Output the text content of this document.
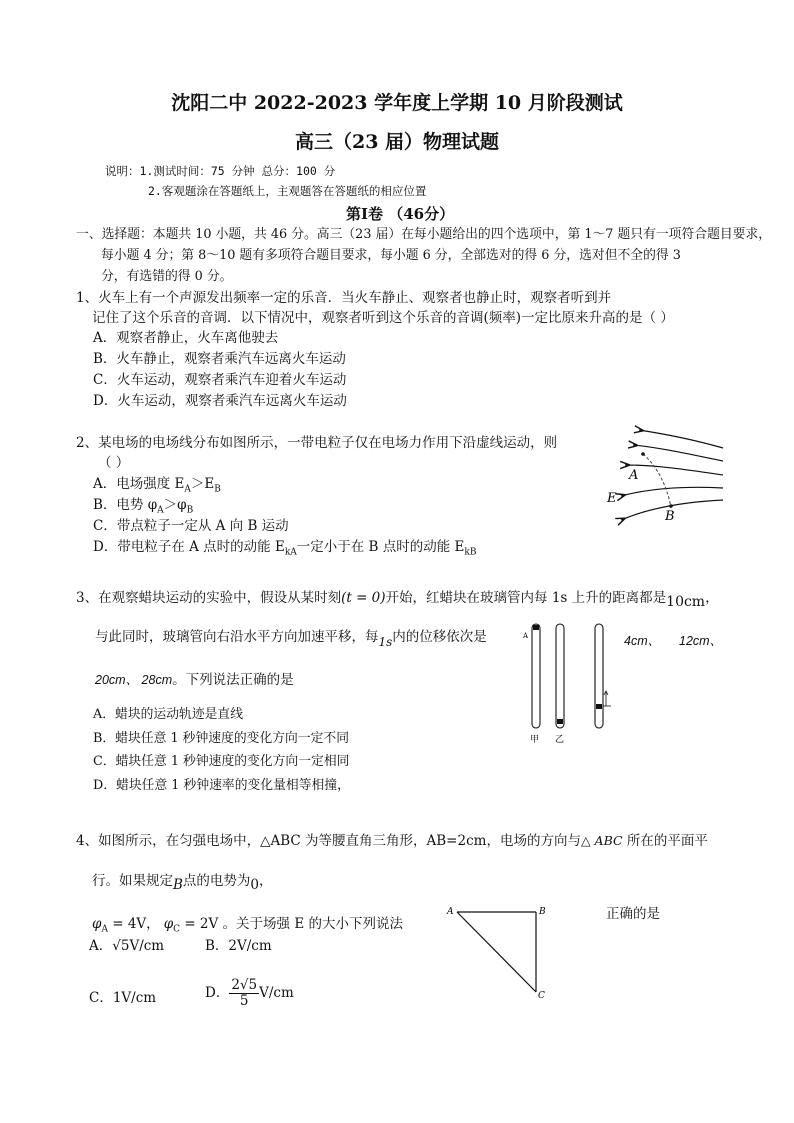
沈阳二中 2022-2023 学年度上学期 10 月阶段测试
高三（23 届）物理试题
说明：1.测试时间：75 分钟 总分：100 分
2.客观题涂在答题纸上，主观题答在答题纸的相应位置
第Ⅰ卷 （46分）
一、选择题：本题共 10 小题，共 46 分。高三（23 届）在每小题给出的四个选项中，第 1～7 题只有一项符合题目要求，
每小题 4 分；第 8～10 题有多项符合题目要求，每小题 6 分，全部选对的得 6 分，选对但不全的得 3
分，有选错的得 0 分。
1、火车上有一个声源发出频率一定的乐音．当火车静止、观察者也静止时，观察者听到并
记住了这个乐音的音调．以下情况中，观察者听到这个乐音的音调(频率)一定比原来升高的是（ ）
A．观察者静止，火车离他驶去
B．火车静止，观察者乘汽车远离火车运动
C．火车运动，观察者乘汽车迎着火车运动
D．火车运动，观察者乘汽车远离火车运动
2、某电场的电场线分布如图所示，一带电粒子仅在电场力作用下沿虚线运动，则
（ ）
A．电场强度 $E_A>E_B$
B．电势 $\varphi_A>\varphi_B$
C．带点粒子一定从 A 向 B 运动
D．带电粒子在 A 点时的动能 $E_{kA}$一定小于在 B 点时的动能 $E_{kB}$
A
E
B
3、在观察蜡块运动的实验中，假设从某时刻(t = 0)开始，红蜡块在玻璃管内每 1s 上升的距离都是10cm，
与此同时，玻璃管向右沿水平方向加速平移，每1s内的位移依次是	4cm、 12cm、
20cm、 28cm。下列说法正确的是
A．蜡块的运动轨迹是直线
B．蜡块任意 1 秒钟速度的变化方向一定不同
C．蜡块任意 1 秒钟速度的变化方向一定相同
D．蜡块任意 1 秒钟速率的变化量相等相撞，
A
甲 乙
4、如图所示，在匀强电场中，△ABC 为等腰直角三角形，AB=2cm，电场的方向与△ ABC 所在的平面平
行。如果规定B点的电势为0，
$\varphi_A = 4V$， $\varphi_C = 2V$ 。关于场强 E 的大小下列说法
正确的是
A．√5V/cm	B．2V/cm
C．1V/cm	D． $\frac{2√5}{5} V/cm$
A	B
C
